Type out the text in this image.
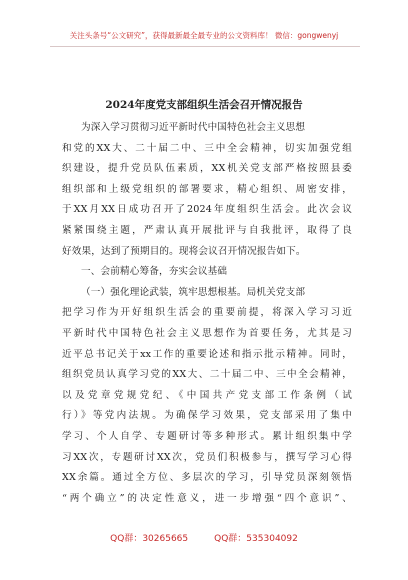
关注头条号“公文研究”，获得最新最全最专业的公文资料库！ 微信：gongwenyj
2024年度党支部组织生活会召开情况报告
为深入学习贯彻习近平新时代中国特色社会主义思想
和党的XX大、二十届二中、三中全会精神，切实加强党组
织建设，提升党员队伍素质，XX机关党支部严格按照县委
组织部和上级党组织的部署要求，精心组织、周密安排，
于XX月XX日成功召开了2024年度组织生活会。此次会议
紧紧围绕主题，严肃认真开展批评与自我批评，取得了良
好效果，达到了预期目的。现将会议召开情况报告如下。
一、会前精心筹备，夯实会议基础
（一）强化理论武装，筑牢思想根基。局机关党支部
把学习作为开好组织生活会的重要前提，将深入学习习近
平新时代中国特色社会主义思想作为首要任务，尤其是习
近平总书记关于xx工作的重要论述和指示批示精神。同时，
组织党员认真学习党的XX大、二十届二中、三中全会精神，
以及党章党规党纪、《中国共产党支部工作条例（试
行）》等党内法规。为确保学习效果，党支部采用了集中
学习、个人自学、专题研讨等多种形式。累计组织集中学
习XX次，专题研讨XX次，党员们积极参与，撰写学习心得
XX余篇。通过全方位、多层次的学习，引导党员深刻领悟
“两个确立”的决定性意义，进一步增强“四个意识”、
QQ群：30265665	QQ群：535304092
